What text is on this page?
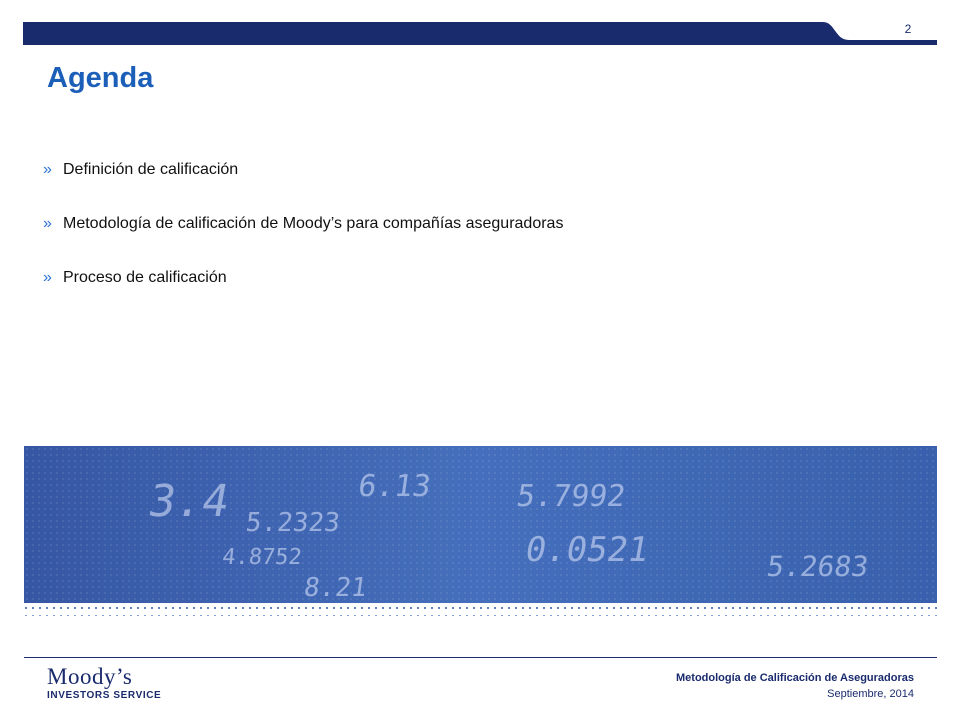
2
Agenda
» Definición de calificación
» Metodología de calificación de Moody’s para compañías aseguradoras
» Proceso de calificación
5.7992
5.2323
0.0521
4.8752	5.2683
3.4	6.13
8.21
Moody’s
INVESTORS SERVICE
Metodología de Calificación de Aseguradoras
Septiembre, 2014
